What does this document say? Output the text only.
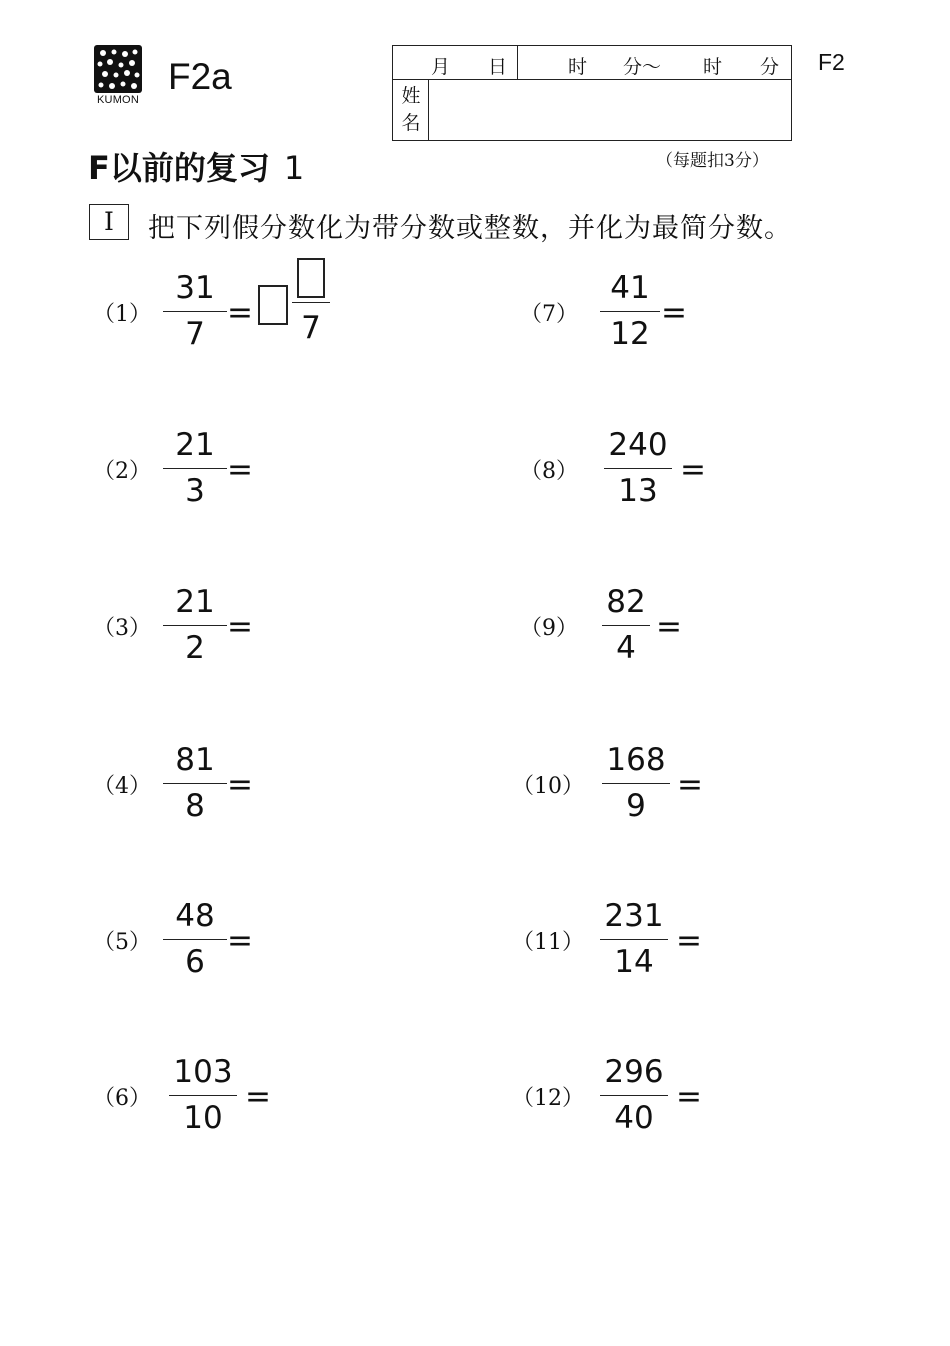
KUMON
F2a	月 日	时 分～ 时 分
姓名
F2
F以前的复习 1	（每题扣3分）
I	把下列假分数化为带分数或整数，并化为最简分数。
（1）
31
7
= 7
（2）
21
3
=
（3）
21
2
=
（4）
81
8
=
（5）
48
6
=
（6）
103
10
=
（7）
41
12
=
（8）
240
13
=
（9）
82
4
=
（10）
168
9
=
（11）
231
14
=
（12）
296
40
=
